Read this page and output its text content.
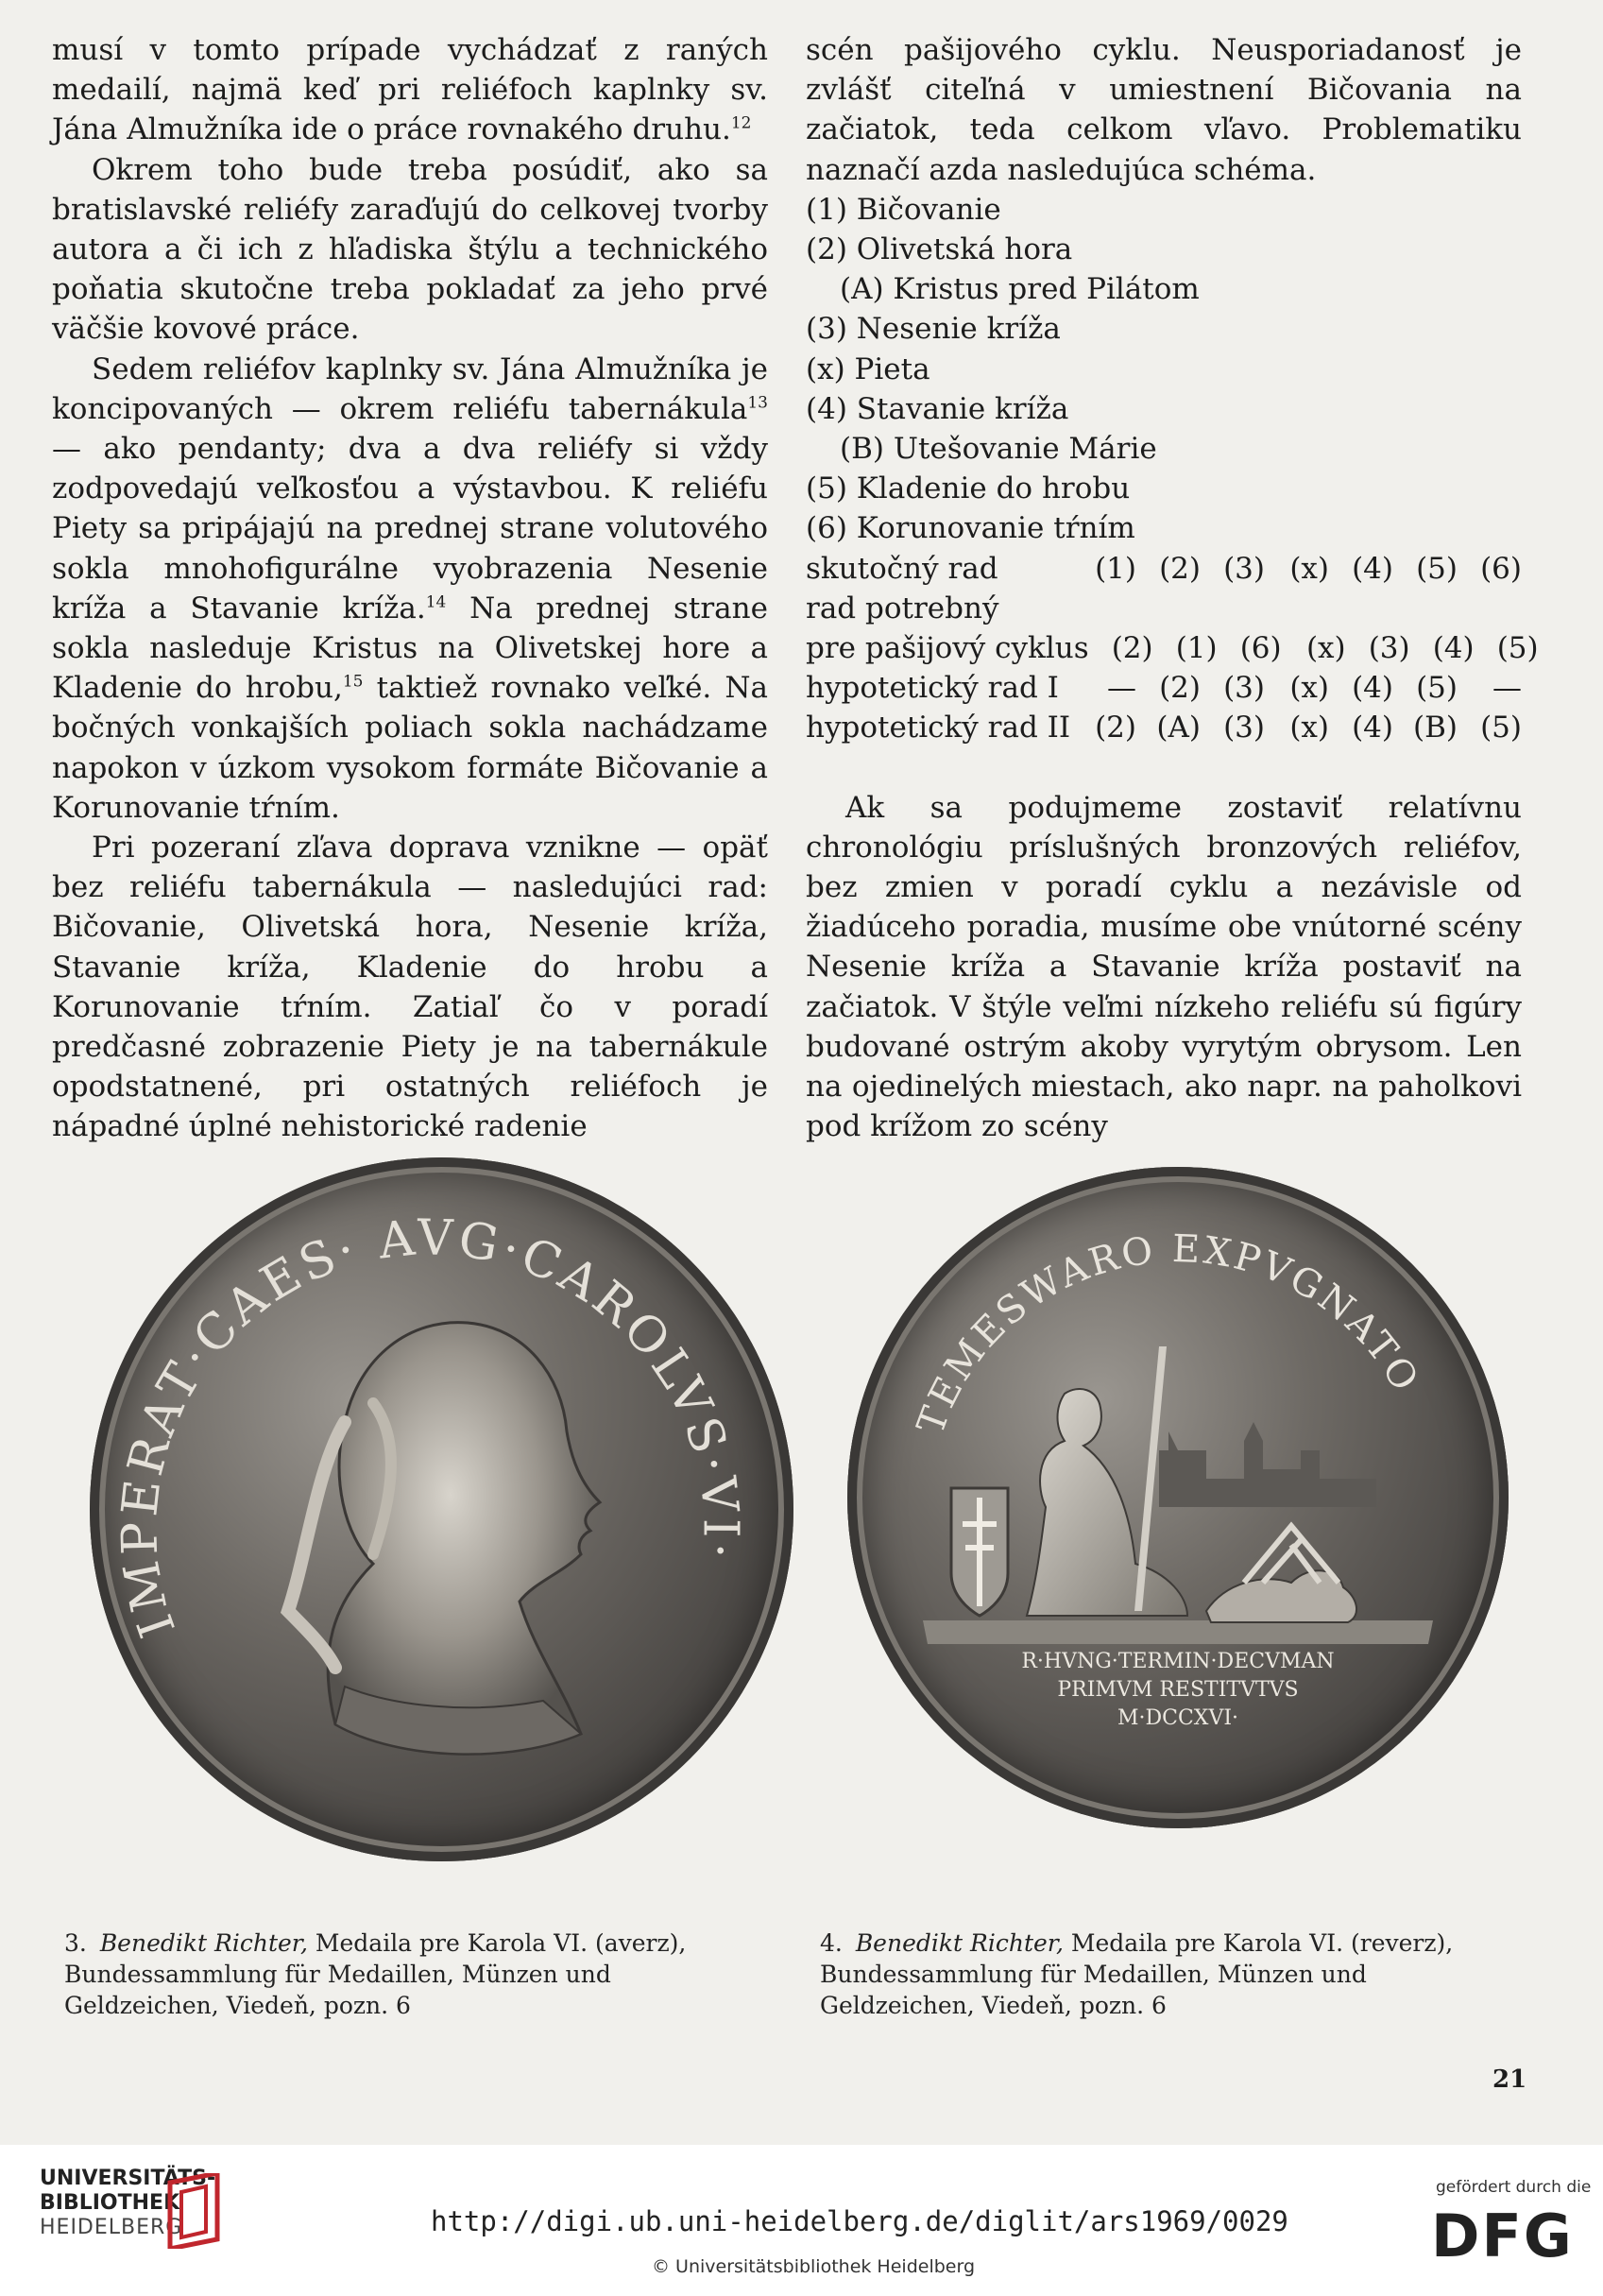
musí v tomto prípade vychádzať z raných medailí, najmä keď pri reliéfoch kaplnky sv. Jána Almužníka ide o práce rovnakého druhu.$^{12}$

Okrem toho bude treba posúdiť, ako sa bratislavské reliéfy zaraďujú do celkovej tvorby autora a či ich z hľadiska štýlu a technického poňatia skutočne treba pokladať za jeho prvé väčšie kovové práce.

Sedem reliéfov kaplnky sv. Jána Almužníka je koncipovaných — okrem reliéfu tabernákula$^{13}$ — ako pendanty; dva a dva reliéfy si vždy zodpovedajú veľkosťou a výstavbou. K reliéfu Piety sa pripájajú na prednej strane volutového sokla mnohofigurálne vyobrazenia Nesenie kríža a Stavanie kríža.$^{14}$ Na prednej strane sokla nasleduje Kristus na Olivetskej hore a Kladenie do hrobu,$^{15}$ taktiež rovnako veľké. Na bočných vonkajších poliach sokla nachádzame napokon v úzkom vysokom formáte Bičovanie a Korunovanie tŕním.

Pri pozeraní zľava doprava vznikne — opäť bez reliéfu tabernákula — nasledujúci rad: Bičovanie, Olivetská hora, Nesenie kríža, Stavanie kríža, Kladenie do hrobu a Korunovanie tŕním. Zatiaľ čo v poradí predčasné zobrazenie Piety je na tabernákule opodstatnené, pri ostatných reliéfoch je nápadné úplné nehistorické radenie

scén pašijového cyklu. Neusporiadanosť je zvlášť citeľná v umiestnení Bičovania na začiatok, teda celkom vľavo. Problematiku naznačí azda nasledujúca schéma.

(1) Bičovanie
(2) Olivetská hora
(A) Kristus pred Pilátom
(3) Nesenie kríža
(x) Pieta
(4) Stavanie kríža
(B) Utešovanie Márie
(5) Kladenie do hrobu
(6) Korunovanie tŕním
skutočný rad	(1) (2) (3) (x) (4) (5) (6)
rad potrebný
pre pašijový cyklus (2) (1) (6) (x) (3) (4) (5)
hypotetický rad I	— (2) (3) (x) (4) (5)	—
hypotetický rad II (2) (A) (3) (x) (4) (B) (5)

Ak sa podujmeme zostaviť relatívnu chronológiu príslušných bronzových reliéfov, bez zmien v poradí cyklu a nezávisle od žiadúceho poradia, musíme obe vnútorné scény Nesenie kríža a Stavanie kríža postaviť na začiatok. V štýle veľmi nízkeho reliéfu sú figúry budované ostrým akoby vyrytým obrysom. Len na ojedinelých miestach, ako napr. na paholkovi pod krížom zo scény

IMPERAT·CAES· AVG·CAROLVS·VI·
TEMESWARO EXPVGNATO
R·HVNG·TERMIN·DECVMAN
PRIMVM RESTITVTVS
M·DCCXVI·
3. Benedikt Richter, Medaila pre Karola VI. (averz), Bundessammlung für Medaillen, Münzen und Geldzeichen, Viedeň, pozn. 6
4. Benedikt Richter, Medaila pre Karola VI. (reverz), Bundessammlung für Medaillen, Münzen und Geldzeichen, Viedeň, pozn. 6
21
UNIVERSITÄTS-
BIBLIOTHEK
HEIDELBERG	http://digi.ub.uni-heidelberg.de/diglit/ars1969/0029
© Universitätsbibliothek Heidelberg
gefördert durch die
DFG
